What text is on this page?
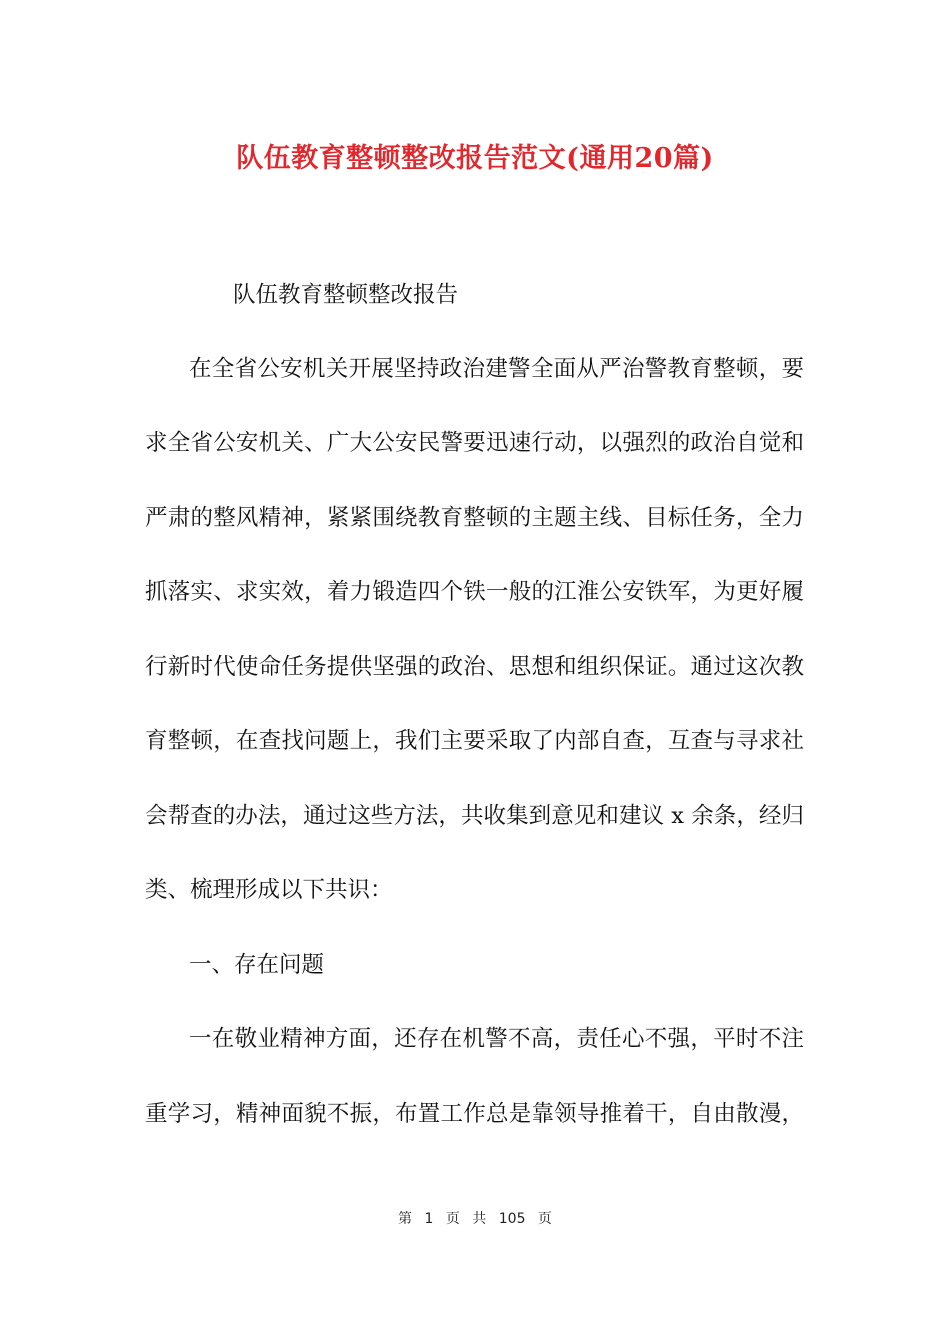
队伍教育整顿整改报告范文(通用20篇)

队伍教育整顿整改报告

在全省公安机关开展坚持政治建警全面从严治警教育整顿，要

求全省公安机关、广大公安民警要迅速行动，以强烈的政治自觉和

严肃的整风精神，紧紧围绕教育整顿的主题主线、目标任务，全力

抓落实、求实效，着力锻造四个铁一般的江淮公安铁军，为更好履

行新时代使命任务提供坚强的政治、思想和组织保证。通过这次教

育整顿，在查找问题上，我们主要采取了内部自查，互查与寻求社

会帮查的办法，通过这些方法，共收集到意见和建议 x 余条，经归

类、梳理形成以下共识：

一、存在问题

一在敬业精神方面，还存在机警不高，责任心不强，平时不注

重学习，精神面貌不振，布置工作总是靠领导推着干，自由散漫，

第 1 页 共 105 页
